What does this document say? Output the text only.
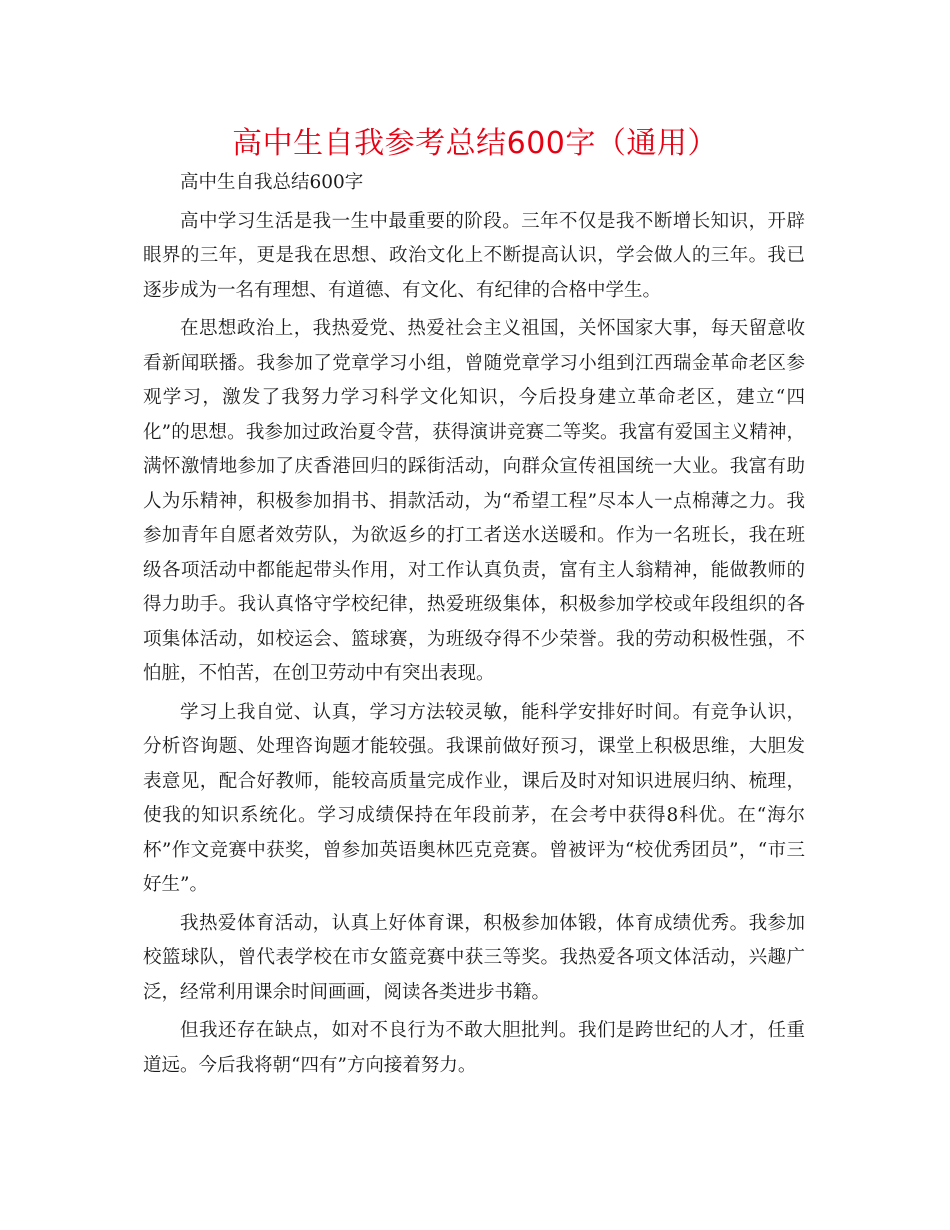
高中生自我参考总结600字（通用）

高中生自我总结600字

高中学习生活是我一生中最重要的阶段。三年不仅是我不断增长知识，开辟眼界的三年，更是我在思想、政治文化上不断提高认识，学会做人的三年。我已逐步成为一名有理想、有道德、有文化、有纪律的合格中学生。

在思想政治上，我热爱党、热爱社会主义祖国，关怀国家大事，每天留意收看新闻联播。我参加了党章学习小组，曾随党章学习小组到江西瑞金革命老区参观学习，激发了我努力学习科学文化知识，今后投身建立革命老区，建立“四化”的思想。我参加过政治夏令营，获得演讲竞赛二等奖。我富有爱国主义精神，满怀激情地参加了庆香港回归的踩街活动，向群众宣传祖国统一大业。我富有助人为乐精神，积极参加捐书、捐款活动，为“希望工程”尽本人一点棉薄之力。我参加青年自愿者效劳队，为欲返乡的打工者送水送暖和。作为一名班长，我在班级各项活动中都能起带头作用，对工作认真负责，富有主人翁精神，能做教师的得力助手。我认真恪守学校纪律，热爱班级集体，积极参加学校或年段组织的各项集体活动，如校运会、篮球赛，为班级夺得不少荣誉。我的劳动积极性强，不怕脏，不怕苦，在创卫劳动中有突出表现。

学习上我自觉、认真，学习方法较灵敏，能科学安排好时间。有竞争认识，分析咨询题、处理咨询题才能较强。我课前做好预习，课堂上积极思维，大胆发表意见，配合好教师，能较高质量完成作业，课后及时对知识进展归纳、梳理，使我的知识系统化。学习成绩保持在年段前茅，在会考中获得8科优。在“海尔杯”作文竞赛中获奖，曾参加英语奥林匹克竞赛。曾被评为“校优秀团员”，“市三好生”。

我热爱体育活动，认真上好体育课，积极参加体锻，体育成绩优秀。我参加校篮球队，曾代表学校在市女篮竞赛中获三等奖。我热爱各项文体活动，兴趣广泛，经常利用课余时间画画，阅读各类进步书籍。

但我还存在缺点，如对不良行为不敢大胆批判。我们是跨世纪的人才，任重道远。今后我将朝“四有”方向接着努力。
